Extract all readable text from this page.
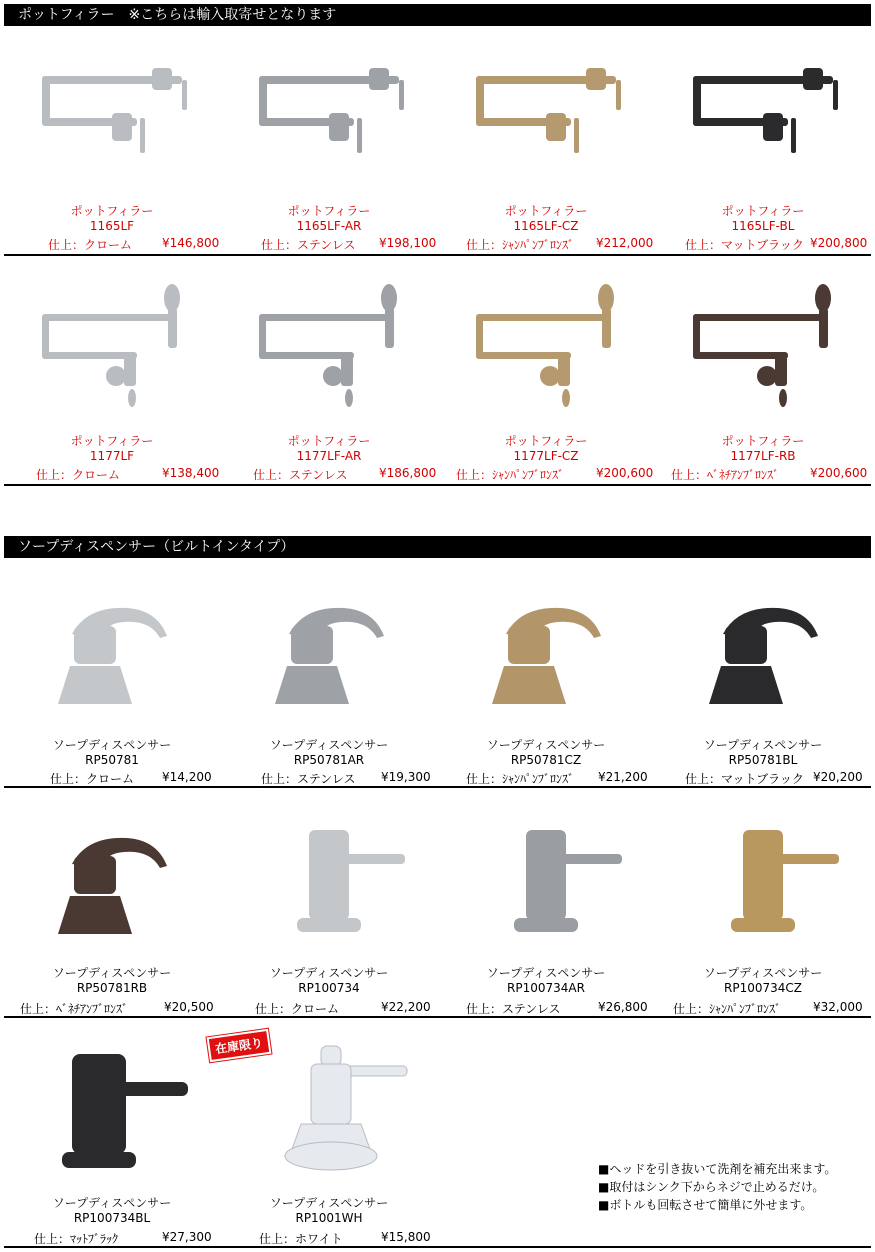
ポットフィラー　※こちらは輸入取寄せとなります
ポットフィラー
1165LF
仕上：クローム ¥146,800
ポットフィラー
1165LF-AR
仕上：ステンレス ¥198,100
ポットフィラー
1165LF-CZ
仕上：ｼｬﾝﾊﾟﾝﾌﾞﾛﾝｽﾞ ¥212,000
ポットフィラー
1165LF-BL
仕上：マットブラック ¥200,800
ポットフィラー
1177LF
仕上：クローム	¥138,400
ポットフィラー
1177LF-AR
仕上：ステンレス	¥186,800
ポットフィラー
1177LF-CZ
仕上：ｼｬﾝﾊﾟﾝﾌﾞﾛﾝｽﾞ	¥200,600
ポットフィラー
1177LF-RB
仕上：ﾍﾞﾈﾁｱﾝﾌﾞﾛﾝｽﾞ	¥200,600
ソープディスペンサー（ビルトインタイプ）
ソープディスペンサー
RP50781
仕上：クローム ¥14,200
ソープディスペンサー
RP50781AR
仕上：ステンレス ¥19,300
ソープディスペンサー
RP50781CZ
仕上：ｼｬﾝﾊﾟﾝﾌﾞﾛﾝｽﾞ ¥21,200
ソープディスペンサー
RP50781BL
仕上：マットブラック ¥20,200
ソープディスペンサー
RP50781RB
仕上：ﾍﾞﾈﾁｱﾝﾌﾞﾛﾝｽﾞ	¥20,500
ソープディスペンサー
RP100734
仕上：クローム	¥22,200
ソープディスペンサー
RP100734AR
仕上：ステンレス	¥26,800
ソープディスペンサー
RP100734CZ
仕上：ｼｬﾝﾊﾟﾝﾌﾞﾛﾝｽﾞ	¥32,000
ソープディスペンサー
RP100734BL
仕上：ﾏｯﾄﾌﾞﾗｯｸ	¥27,300
ソープディスペンサー
RP1001WH
仕上：ホワイト	¥15,800
在庫限り
■ヘッドを引き抜いて洗剤を補充出来ます。
■取付はシンク下からネジで止めるだけ。
■ボトルも回転させて簡単に外せます。
